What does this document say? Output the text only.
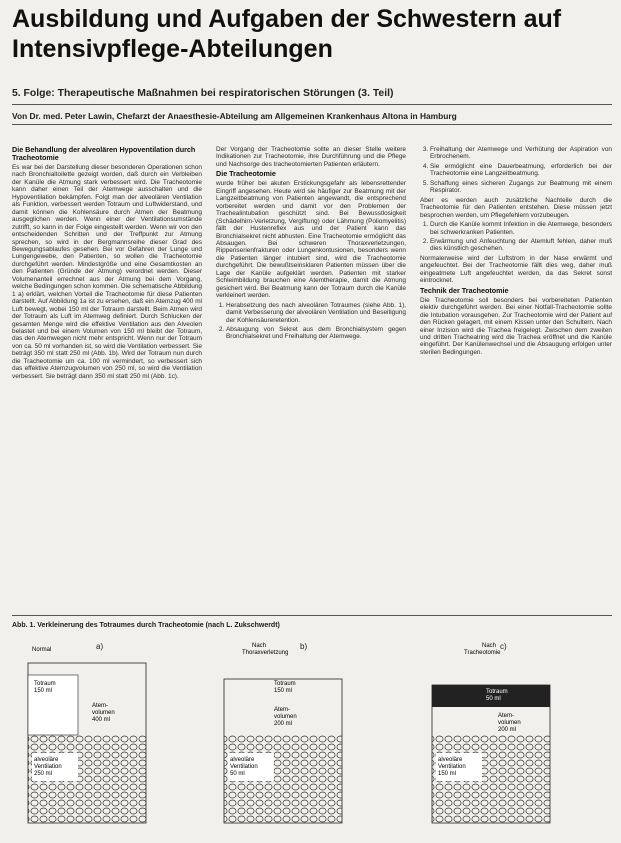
Ausbildung und Aufgaben der Schwestern auf Intensivpflege-Abteilungen
5. Folge: Therapeutische Maßnahmen bei respiratorischen Störungen (3. Teil)
Von Dr. med. Peter Lawin, Chefarzt der Anaesthesie-Abteilung am Allgemeinen Krankenhaus Altona in Hamburg
Die Behandlung der alveolären Hypoventilation durch Tracheotomie

Es war bei der Darstellung dieser besonderen Operationen schon nach Bronchialtoilette gezeigt worden, daß durch ein Verbleiben der Kanüle die Atmung stark verbessert wird. Die Tracheotomie kann daher einen Teil der Atemwege ausschalten und die Hypoventilation bekämpfen. Folgt man der alveolären Ventilation als Funktion, verbessert werden Totraum und Luftwiderstand, und damit können die Kohlensäure durch Atmen der Beatmung ausgeglichen werden. Wenn einer der Ventilationsumstände zutrifft, so kann in der Folge eingestellt werden. Wenn wir von den entscheidenden Schritten und der Treffpunkt zur Atmung sprechen, so wird in der Bergmannsreihe dieser Grad des Bewegungsablaufes gesehen. Bei vor Gefahren der Lunge und Lungengewebe, den Patienten, so wollen die Tracheotomie durchgeführt werden. Mindestgröße und eine Gesamtkosten an den Patienten (Gründe der Atmung) verordnet werden. Dieser Volumenanteil errechnet aus der Atmung bei dem Vorgang, welche Bedingungen schon kommen. Die schematische Abbildung 1 a) erklärt, welchen Vorteil die Tracheotomie für diese Patienten darstellt. Auf Abbildung 1a ist zu ersehen, daß ein Atemzug 400 ml Luft bewegt, wobei 150 ml der Totraum darstellt. Beim Atmen wird der Totraum als Luft im Atemweg definiert. Durch Schlucken der gesamten Menge wird die effektive Ventilation aus den Alveolen belastet und bei einem Volumen von 150 ml bleibt der Totraum, das den Atemwegen nicht mehr entspricht. Wenn nur der Totraum von ca. 50 ml vorhanden ist, so wird die Ventilation verbessert. Sie beträgt 350 ml statt 250 ml (Abb. 1b). Wird der Totraum nun durch die Tracheotomie um ca. 100 ml vermindert, so verbessert sich das effektive Atemzugvolumen von 250 ml, so wird die Ventilation verbessert. Sie beträgt dann 350 ml statt 250 ml (Abb. 1c).

Der Vorgang der Tracheotomie sollte an dieser Stelle weitere Indikationen zur Tracheotomie, ihre Durchführung und die Pflege und Nachsorge des tracheotomierten Patienten erläutern.

Die Tracheotomie

wurde früher bei akuten Erstickungsgefahr als lebensrettender Eingriff angesehen. Heute wird sie häufiger zur Beatmung mit der Langzeitbeatmung von Patienten angewandt, die entsprechend vorbereitet werden und damit vor den Problemen der Trachealintubation geschützt sind. Bei Bewusstlosigkeit (Schädelhirn-Verletzung, Vergiftung) oder Lähmung (Poliomyelitis) fällt der Hustenreflex aus und der Patient kann das Bronchialsekret nicht abhusten. Eine Tracheotomie ermöglicht das Absaugen. Bei schweren Thoraxverletzungen, Rippenserienfrakturen oder Lungenkontusionen, besonders wenn die Patienten länger intubiert sind, wird die Tracheotomie durchgeführt. Die bewußtseinsklaren Patienten müssen über die Lage der Kanüle aufgeklärt werden. Patienten mit starker Schleimbildung brauchen eine Atemtherapie, damit die Atmung gesichert wird. Bei Beatmung kann der Totraum durch die Kanüle verkleinert werden.

1. Herabsetzung des nach alveolären Totraumes (siehe Abb. 1), damit Verbesserung der alveolären Ventilation und Beseitigung der Kohlensäureretention.
2. Absaugung von Sekret aus dem Bronchialsystem gegen Bronchialsekret und Freihaltung der Atemwege.
3. Freihaltung der Atemwege und Verhütung der Aspiration von Erbrochenem.
4. Sie ermöglicht eine Dauerbeatmung, erforderlich bei der Tracheotomie eine Langzeitbeatmung.
5. Schaffung eines sicheren Zugangs zur Beatmung mit einem Respirator.

Aber es werden auch zusätzliche Nachteile durch die Tracheotomie für den Patienten entstehen. Diese müssen jetzt besprochen werden, um Pflegefehlern vorzubeugen.

1. Durch die Kanüle kommt Infektion in die Atemwege, besonders bei schwerkranken Patienten.
2. Erwärmung und Anfeuchtung der Atemluft fehlen, daher muß dies künstlich geschehen.

Normalerweise wird der Luftstrom in der Nase erwärmt und angefeuchtet. Bei der Tracheotomie fällt dies weg, daher muß eingeatmete Luft angefeuchtet werden, da das Sekret sonst eintrocknet.

Technik der Tracheotomie

Die Tracheotomie soll besonders bei vorbereiteten Patienten elektiv durchgeführt werden. Bei einer Notfall-Tracheotomie sollte die Intubation vorausgehen. Zur Tracheotomie wird der Patient auf den Rücken gelagert, mit einem Kissen unter den Schultern. Nach einer Inzision wird die Trachea freigelegt. Zwischen dem zweiten und dritten Trachealring wird die Trachea eröffnet und die Kanüle eingeführt. Der Kanülenwechsel und die Absaugung erfolgen unter sterilen Bedingungen.

Abb. 1. Verkleinerung des Totraumes durch Tracheotomie (nach L. Zukschwerdt)
a)	b)	c)
Normal
Totraum
150 ml
Atem-
volumen
400 ml
alveoläre
Ventilation
250 ml
Nach
Thoraxverletzung
Totraum
150 ml
Atem-
volumen
200 ml
alveoläre
Ventilation
50 ml
Nach
Tracheotomie
Totraum
50 ml
Atem-
volumen
200 ml
alveoläre
Ventilation
150 ml
